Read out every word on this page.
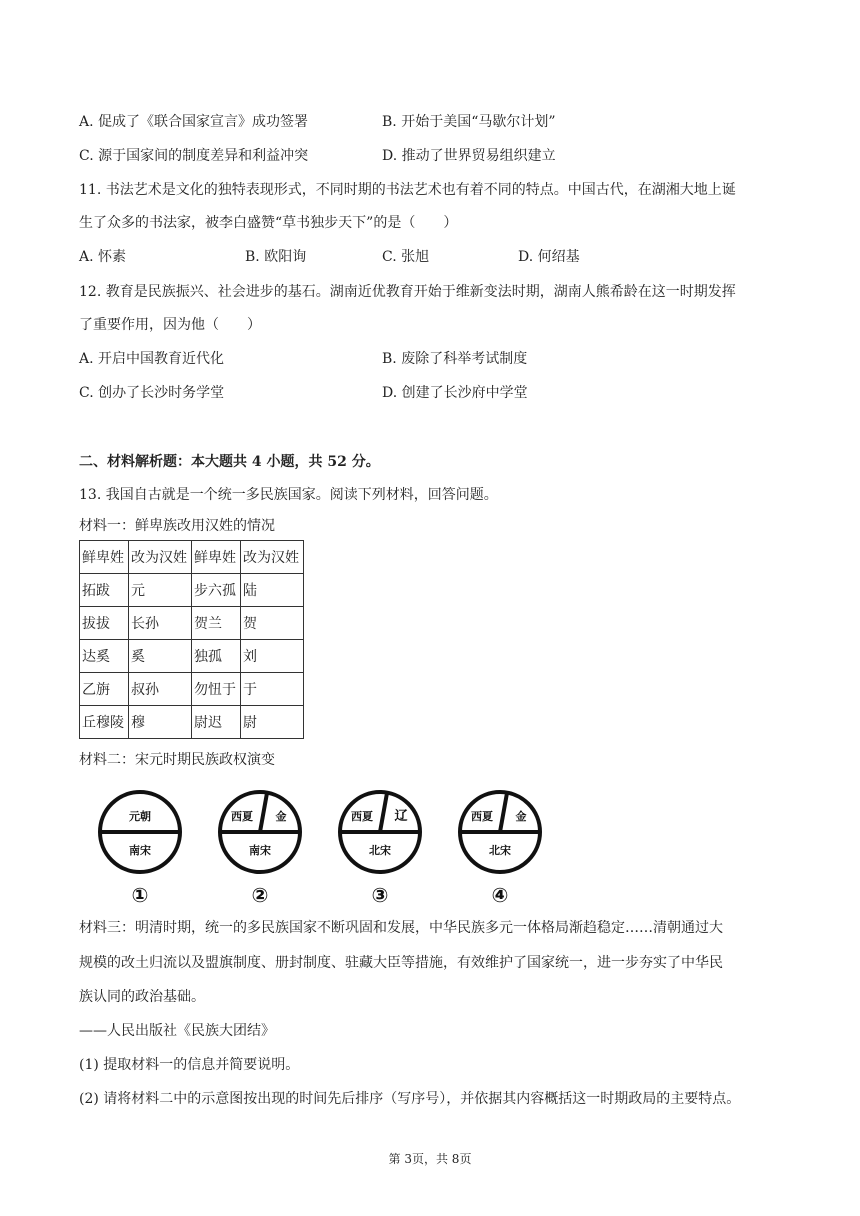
A. 促成了《联合国家宣言》成功签署	B. 开始于美国“马歇尔计划”
C. 源于国家间的制度差异和利益冲突	D. 推动了世界贸易组织建立
11. 书法艺术是文化的独特表现形式，不同时期的书法艺术也有着不同的特点。中国古代，在湖湘大地上诞
生了众多的书法家，被李白盛赞“草书独步天下”的是（　　）
A. 怀素	B. 欧阳询	C. 张旭	D. 何绍基
12. 教育是民族振兴、社会进步的基石。湖南近优教育开始于维新变法时期，湖南人熊希龄在这一时期发挥
了重要作用，因为他（　　）
A. 开启中国教育近代化	B. 废除了科举考试制度
C. 创办了长沙时务学堂	D. 创建了长沙府中学堂
二、材料解析题：本大题共 4 小题，共 52 分。
13. 我国自古就是一个统一多民族国家。阅读下列材料，回答问题。
材料一：鲜卑族改用汉姓的情况
鲜卑姓	改为汉姓	鲜卑姓	改为汉姓
拓跋	元	步六孤	陆
拔拔	长孙	贺兰	贺
达奚	奚	独孤	刘
乙旃	叔孙	勿忸于	于
丘穆陵	穆	尉迟	尉
材料二：宋元时期民族政权演变
元朝
南宋
①
西夏 金
南宋
②
西夏 辽
北宋
③
西夏 金
北宋
④
材料三：明清时期，统一的多民族国家不断巩固和发展，中华民族多元一体格局渐趋稳定……清朝通过大
规模的改土归流以及盟旗制度、册封制度、驻藏大臣等措施，有效维护了国家统一，进一步夯实了中华民
族认同的政治基础。
——人民出版社《民族大团结》
(1) 提取材料一的信息并简要说明。
(2) 请将材料二中的示意图按出现的时间先后排序（写序号），并依据其内容概括这一时期政局的主要特点。
第 3页，共 8页
